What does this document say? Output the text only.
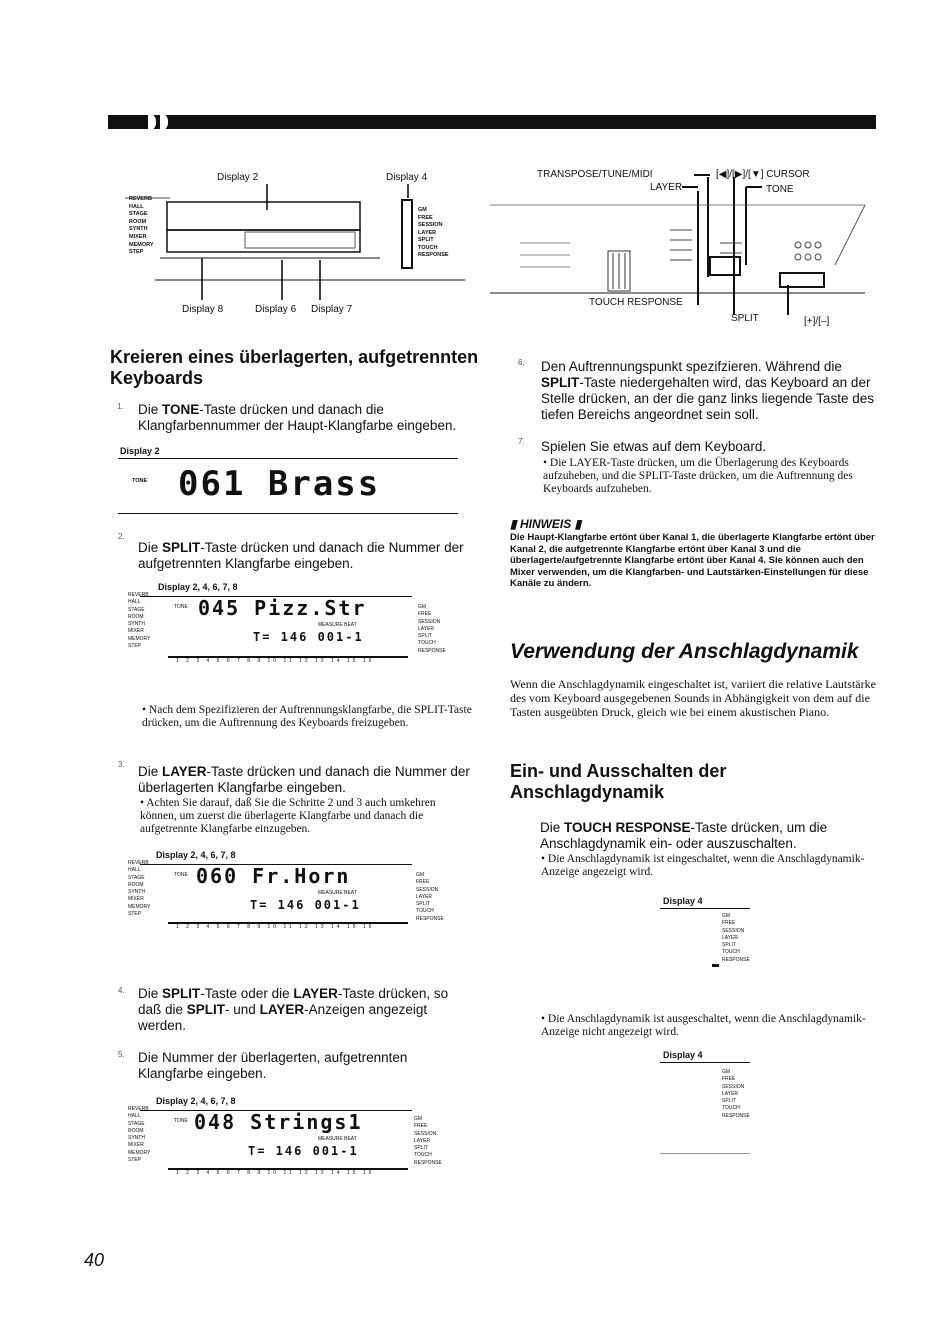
Display 2	Display 4
REVERB
HALL
STAGE
ROOM
SYNTH
MIXER
MEMORY
STEP
GM
FREE
SESSION
LAYER
SPLIT
TOUCH
RESPONSE
Display 8	Display 6 Display 7
TRANSPOSE/TUNE/MIDI	[◀]/[▶]/[▼] CURSOR
LAYER	TONE
TOUCH RESPONSE
SPLIT	[+]/[–]
Kreieren eines überlagerten, aufgetrennten Keyboards
1. Die TONE-Taste drücken und danach die Klangfarbennummer der Haupt-Klangfarbe eingeben.
Display 2
TONE 061 Brass
2.
Die SPLIT-Taste drücken und danach die Nummer der aufgetrennten Klangfarbe eingeben.
Display 2, 4, 6, 7, 8
REVERB
HALL
STAGE
ROOM
SYNTH
MIXER
MEMORY
STEP
TONE 045 Pizz.Str
MEASURE BEAT
T= 146 001-1
GM
FREE
SESSION
LAYER
SPLIT
TOUCH
RESPONSE
1 2 3 4 5 6 7 8 9 10 11 12 13 14 15 16
• Nach dem Spezifizieren der Auftrennungsklangfarbe, die SPLIT-Taste drücken, um die Auftrennung des Keyboards freizugeben.
3. Die LAYER-Taste drücken und danach die Nummer der überlagerten Klangfarbe eingeben.
• Achten Sie darauf, daß Sie die Schritte 2 und 3 auch umkehren können, um zuerst die überlagerte Klangfarbe und danach die aufgetrennte Klangfarbe einzugeben.
Display 2, 4, 6, 7, 8
REVERB
HALL
STAGE
ROOM
SYNTH
MIXER
MEMORY
STEP
TONE 060 Fr.Horn
MEASURE BEAT
T= 146 001-1
GM
FREE
SESSION
LAYER
SPLIT
TOUCH
RESPONSE
1 2 3 4 5 6 7 8 9 10 11 12 13 14 15 16
4. Die SPLIT-Taste oder die LAYER-Taste drücken, so daß die SPLIT- und LAYER-Anzeigen angezeigt werden.
5. Die Nummer der überlagerten, aufgetrennten Klangfarbe eingeben.
Display 2, 4, 6, 7, 8
REVERB
HALL
STAGE
ROOM
SYNTH
MIXER
MEMORY
STEP
TONE 048 Strings1
MEASURE BEAT
T= 146 001-1
GM
FREE
SESSION
LAYER
SPLIT
TOUCH
RESPONSE
1 2 3 4 5 6 7 8 9 10 11 12 13 14 15 16
6. Den Auftrennungspunkt spezifzieren. Während die SPLIT-Taste niedergehalten wird, das Keyboard an der Stelle drücken, an der die ganz links liegende Taste des tiefen Bereichs angeordnet sein soll.
7. Spielen Sie etwas auf dem Keyboard.
• Die LAYER-Taste drücken, um die Überlagerung des Keyboards aufzuheben, und die SPLIT-Taste drücken, um die Auftrennung des Keyboards aufzuheben.
▮ HINWEIS ▮
Die Haupt-Klangfarbe ertönt über Kanal 1, die überlagerte Klangfarbe ertönt über Kanal 2, die aufgetrennte Klangfarbe ertönt über Kanal 3 und die überlagerte/aufgetrennte Klangfarbe ertönt über Kanal 4. Sie können auch den Mixer verwenden, um die Klangfarben- und Lautstärken-Einstellungen für diese Kanäle zu ändern.
Verwendung der Anschlagdynamik
Wenn die Anschlagdynamik eingeschaltet ist, variiert die relative Lautstärke des vom Keyboard ausgegebenen Sounds in Abhängigkeit von dem auf die Tasten ausgeübten Druck, gleich wie bei einem akustischen Piano.
Ein- und Ausschalten der Anschlagdynamik
Die TOUCH RESPONSE-Taste drücken, um die Anschlagdynamik ein- oder auszuschalten.
• Die Anschlagdynamik ist eingeschaltet, wenn die Anschlagdynamik-Anzeige angezeigt wird.
Display 4
GM
FREE
SESSION
LAYER
SPLIT
TOUCH
RESPONSE
• Die Anschlagdynamik ist ausgeschaltet, wenn die Anschlagdynamik-Anzeige nicht angezeigt wird.
Display 4
GM
FREE
SESSION
LAYER
SPLIT
TOUCH
RESPONSE
40
